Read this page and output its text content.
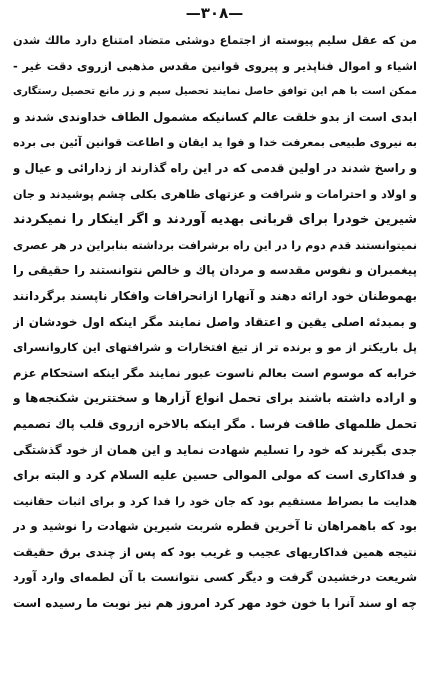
—۳۰۸—
من که عقل سلیم پیوسته از اجتماع دوشئی متضاد امتناع دارد مالك شدن
اشیاء و اموال فناپذیر و پیروی قوانین مقدس مذهبی ازروی دقت غیر -
ممکن است با هم این توافق حاصل نمایند تحصیل سیم و زر مانع تحصیل رستگاری
ابدی است از بدو خلقت عالم کسانیکه مشمول الطاف خداوندی شدند و
به نیروی طبیعی بمعرفت خدا و فوا ید ایقان و اطاعت قوانین آئین بی برده
و راسخ شدند در اولین قدمی که در این راه گذارند از زدارائی و عیال و
و اولاد و احترامات و شرافت و عزتهای ظاهری بکلی چشم پوشیدند و جان
شیرین خودرا برای قربانی بهدیه آوردند و اگر اینکار را نمیکردند
نمیتوانستند قدم دوم را در این راه برشرافت برداشته بنابراین در هر عصری
پیغمبران و نفوس مقدسه و مردان پاك و خالص نتوانستند را حقیقی را
بهموطنان خود ارائه دهند و آنهارا ازانحرافات وافکار ناپسند برگردانند
و بمبدئه اصلی یقین و اعتقاد واصل نمایند مگر اینکه اول خودشان از
پل باریکتر از مو و برنده تر از تیغ افتخارات و شرافتهای این کاروانسرای
خرابه که موسوم است بعالم ناسوت عبور نمایند مگر اینکه استحکام عزم
و اراده داشته باشند برای تحمل انواع آزارها و سختترین شکنجه‌ها و
تحمل ظلمهای طاقت فرسا . مگر اینکه بالاخره ازروی قلب پاك تصمیم
جدی بگیرند که خود را تسلیم شهادت نماید و این همان از خود گذشتگی
و فداکاری است که مولی الموالی حسین علیه السلام کرد و البته برای
هدایت ما بصراط مستقیم بود که جان خود را فدا کرد و برای اثبات حقانیت
بود که باهمراهان تا آخرین قطره شربت شیرین شهادت را نوشید و در
نتیجه همین فداکاریهای عجیب و غریب بود که پس از چندی برق حقیقت
شریعت درخشیدن گرفت و دیگر کسی نتوانست با آن لطمه‌ای وارد آورد
چه او سند آنرا با خون خود مهر کرد امروز هم نیز نوبت ما رسیده است
